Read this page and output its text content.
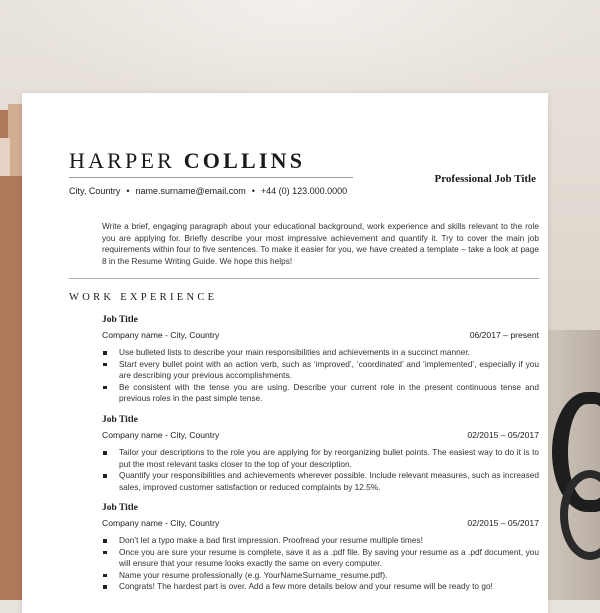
HARPER COLLINS
City, Country • name.surname@email.com • +44 (0) 123.000.0000
Professional Job Title
Write a brief, engaging paragraph about your educational background, work experience and skills relevant to the role you are applying for. Briefly describe your most impressive achievement and quantify it. Try to cover the main job requirements within four to five sentences. To make it easier for you, we have created a template – take a look at page 8 in the Resume Writing Guide. We hope this helps!
WORK EXPERIENCE
Job Title
Company name - City, Country	06/2017 – present
Use bulleted lists to describe your main responsibilities and achievements in a succinct manner.
Start every bullet point with an action verb, such as ‘improved’, ‘coordinated’ and ‘implemented’, especially if you are describing your previous accomplishments.
Be consistent with the tense you are using. Describe your current role in the present continuous tense and previous roles in the past simple tense.
Job Title
Company name - City, Country	02/2015 – 05/2017
Tailor your descriptions to the role you are applying for by reorganizing bullet points. The easiest way to do it is to put the most relevant tasks closer to the top of your description.
Quantify your responsibilities and achievements wherever possible. Include relevant measures, such as increased sales, improved customer satisfaction or reduced complaints by 12.5%.
Job Title
Company name - City, Country	02/2015 – 05/2017
Don’t let a typo make a bad first impression. Proofread your resume multiple times!
Once you are sure your resume is complete, save it as a .pdf file. By saving your resume as a .pdf document, you will ensure that your resume looks exactly the same on every computer.
Name your resume professionally (e.g. YourNameSurname_resume.pdf).
Congrats! The hardest part is over. Add a few more details below and your resume will be ready to go!
